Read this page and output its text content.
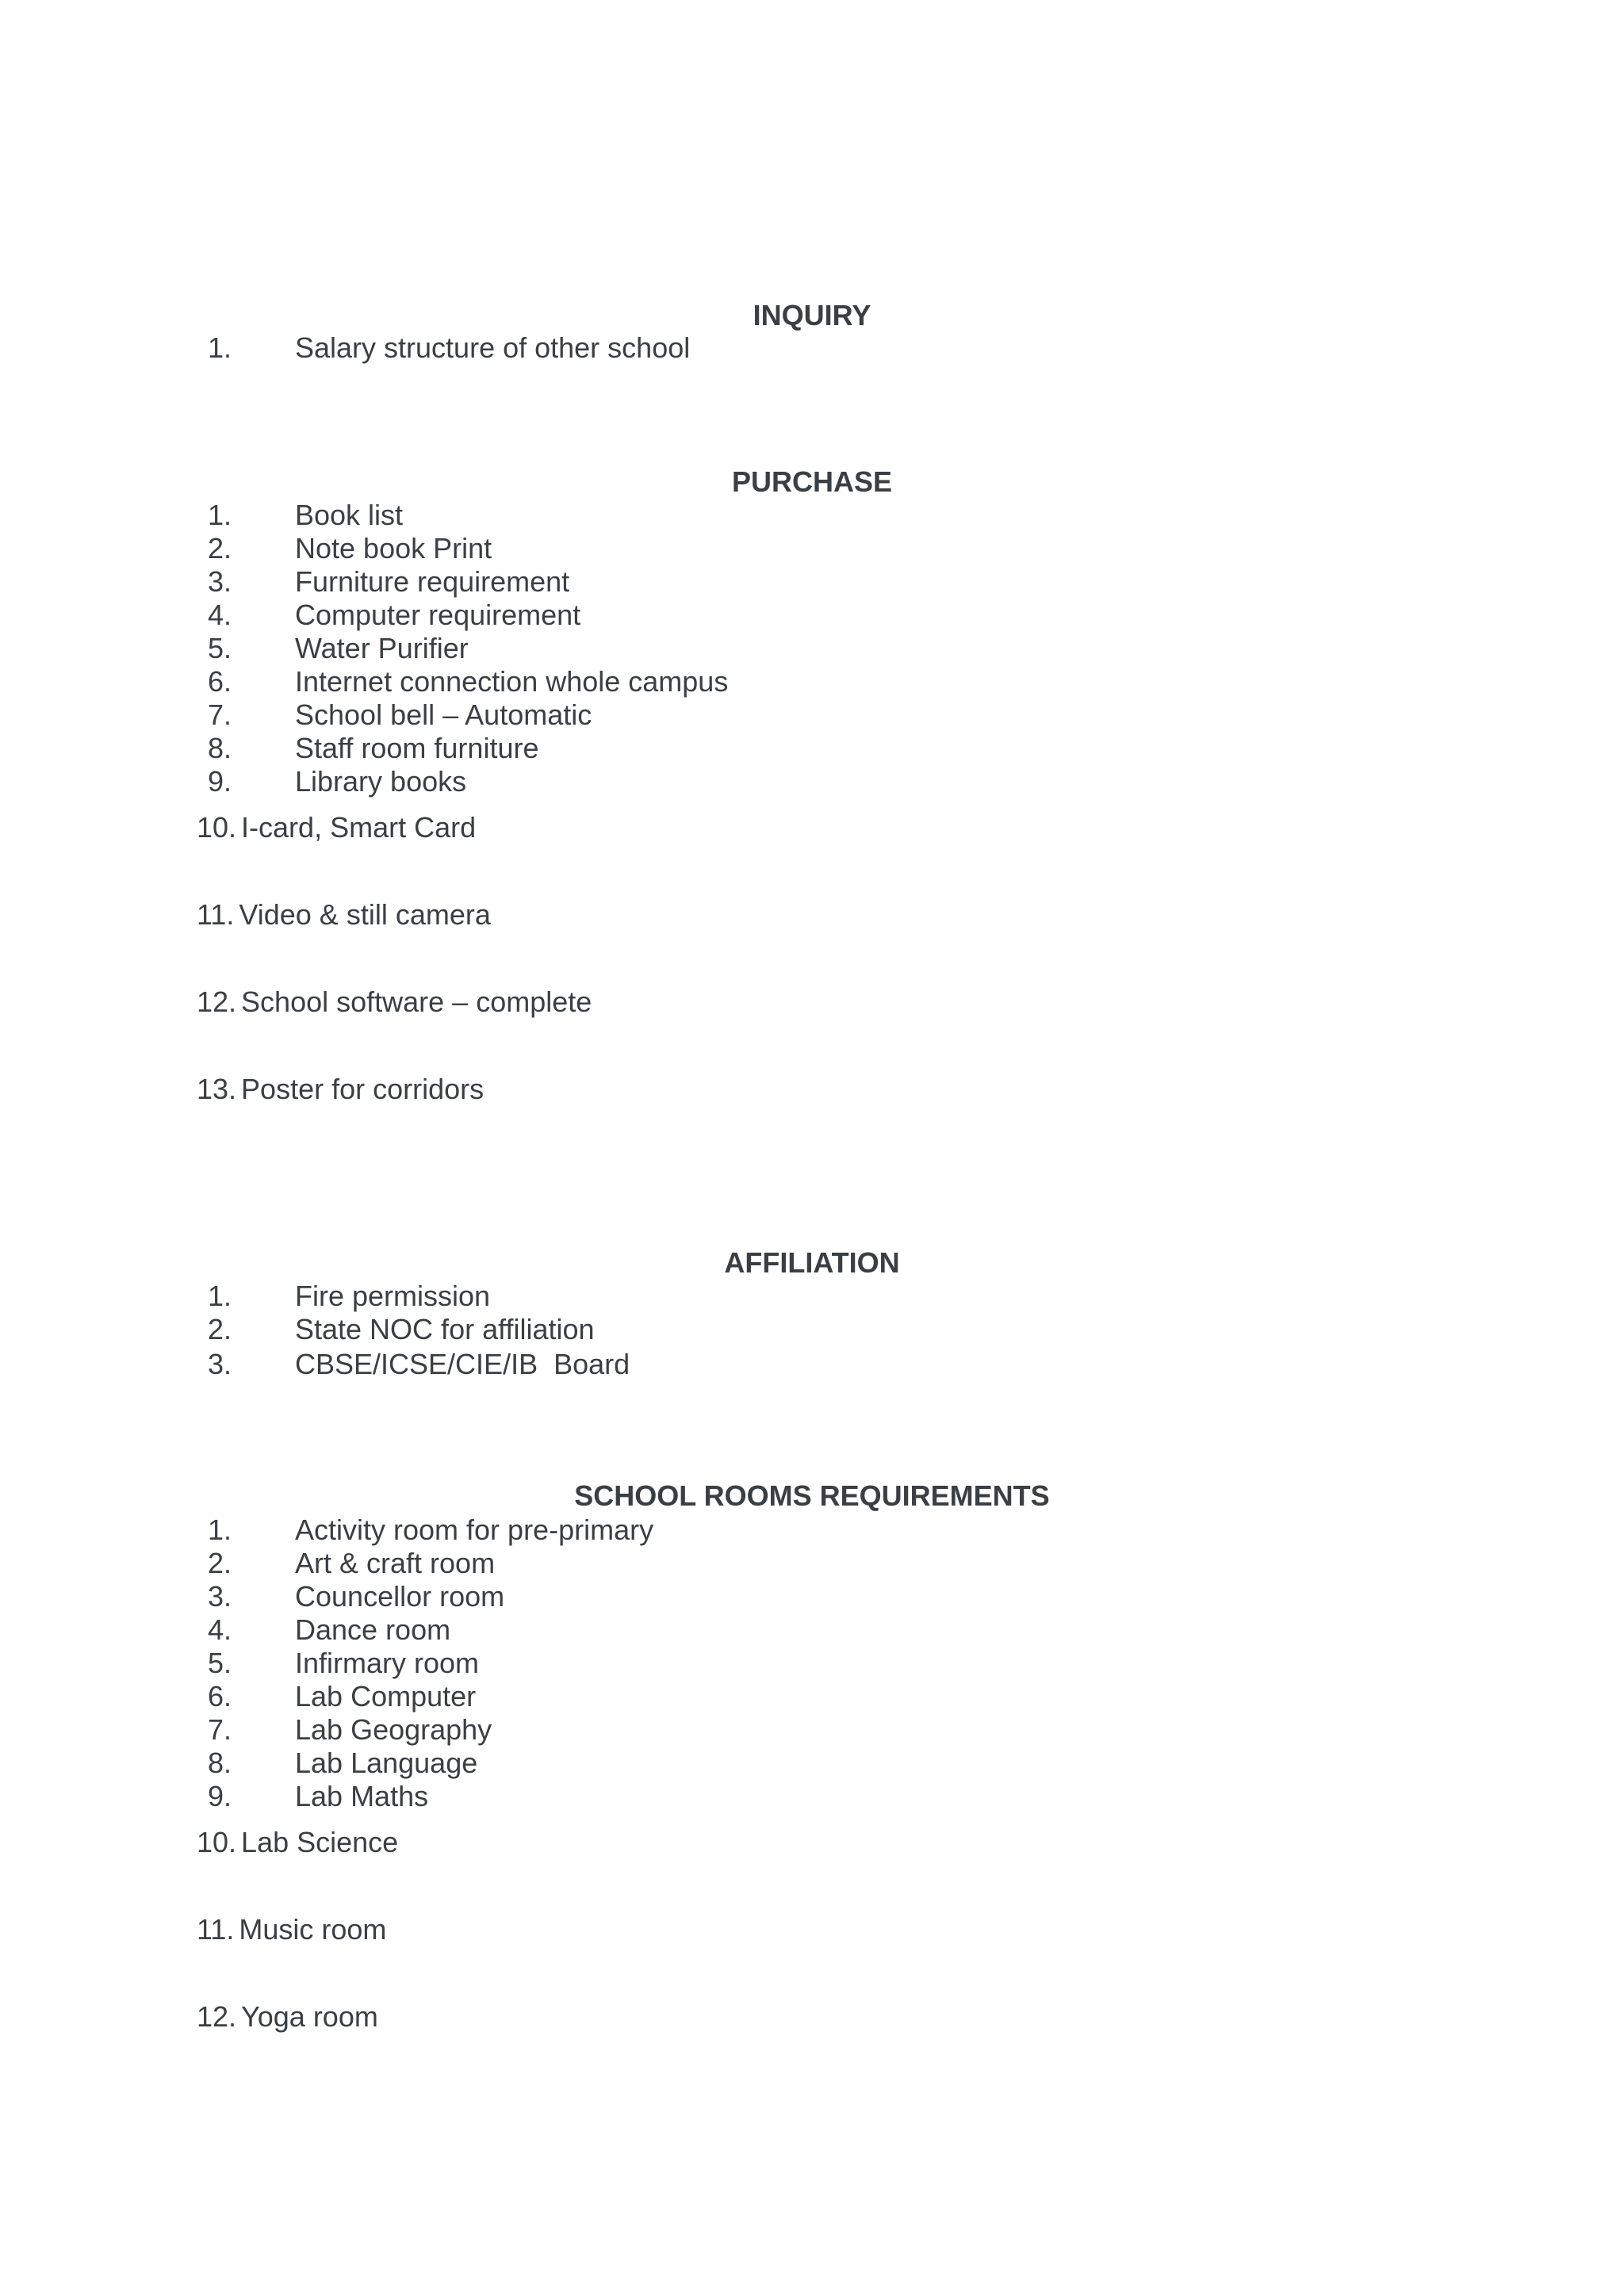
INQUIRY
1. Salary structure of other school
PURCHASE
1. Book list
2. Note book Print
3. Furniture requirement
4. Computer requirement
5. Water Purifier
6. Internet connection whole campus
7. School bell – Automatic
8. Staff room furniture
9. Library books
10. I-card, Smart Card
11. Video & still camera
12. School software – complete
13. Poster for corridors
AFFILIATION
1. Fire permission
2. State NOC for affiliation
3. CBSE/ICSE/CIE/IB  Board
SCHOOL ROOMS REQUIREMENTS
1. Activity room for pre-primary
2. Art & craft room
3. Councellor room
4. Dance room
5. Infirmary room
6. Lab Computer
7. Lab Geography
8. Lab Language
9. Lab Maths
10. Lab Science
11. Music room
12. Yoga room
